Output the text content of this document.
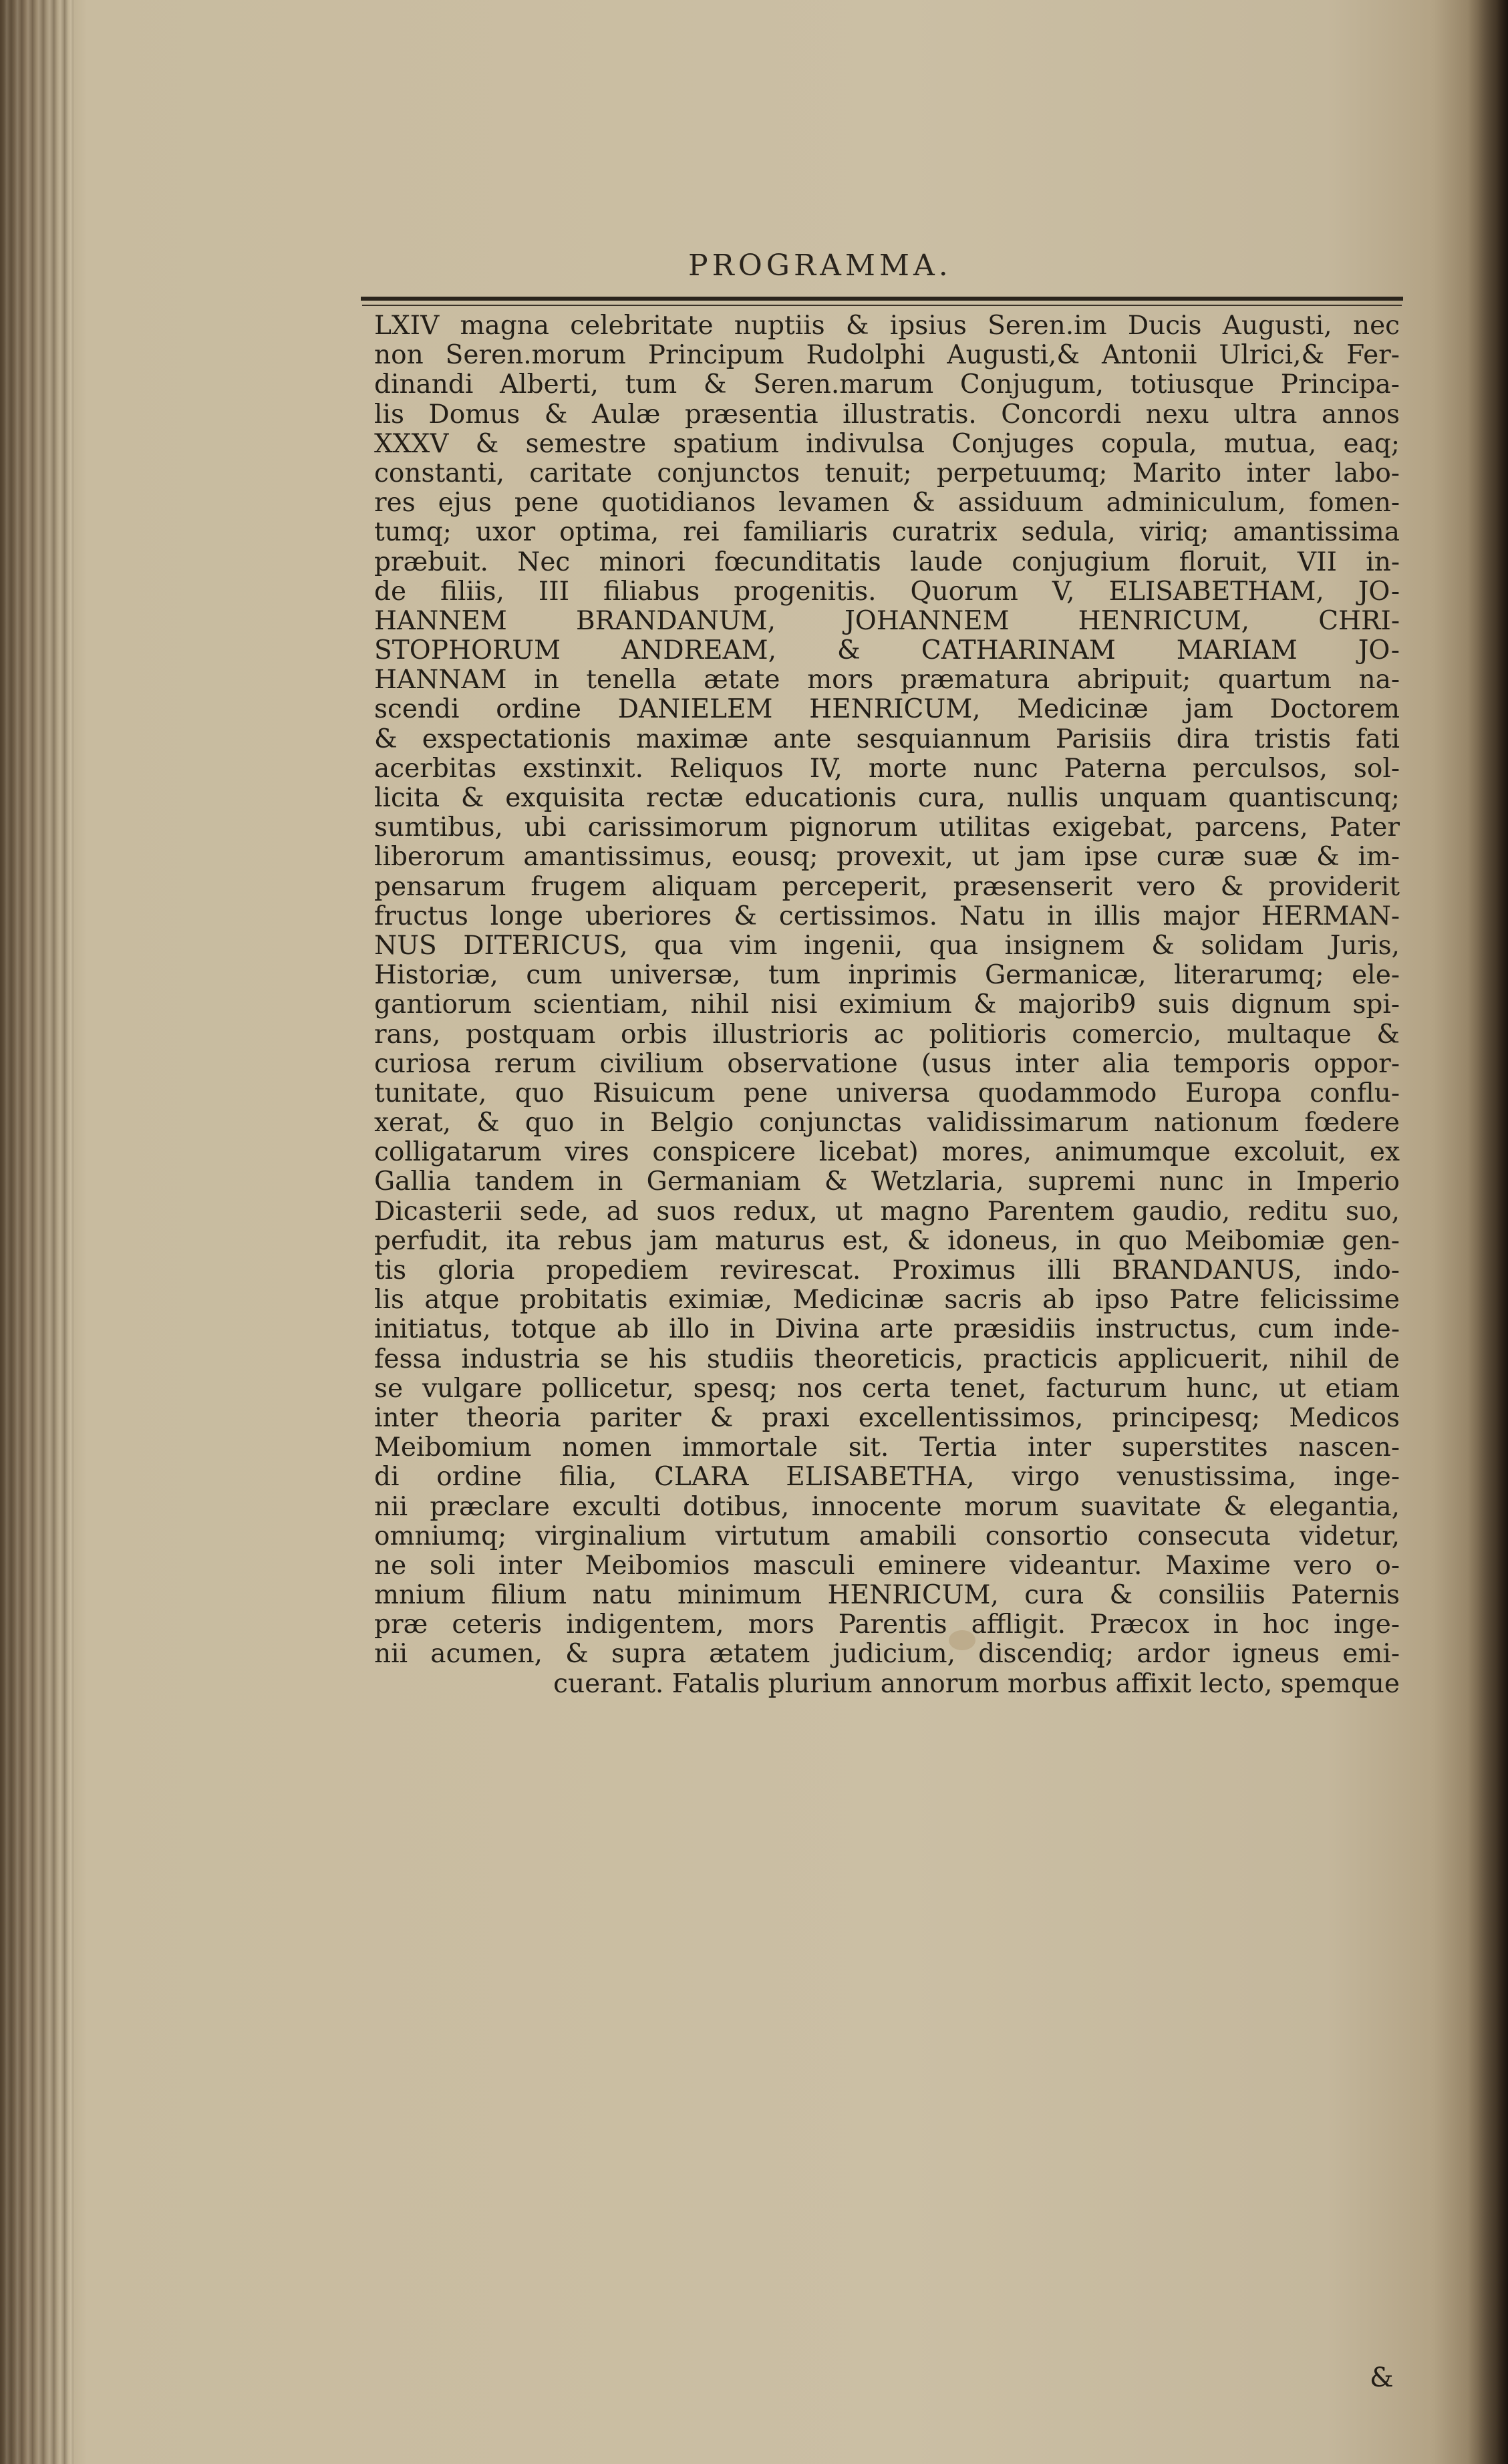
PROGRAMMA.
LXIV magna celebritate nuptiis & ipsius Seren.im Ducis Augusti, nec
non Seren.morum Principum Rudolphi Augusti,& Antonii Ulrici,& Fer-
dinandi Alberti, tum & Seren.marum Conjugum, totiusque Principa-
lis Domus & Aulæ præsentia illustratis. Concordi nexu ultra annos
XXXV & semestre spatium indivulsa Conjuges copula, mutua, eaq;
constanti, caritate conjunctos tenuit; perpetuumq; Marito inter labo-
res ejus pene quotidianos levamen & assiduum adminiculum, fomen-
tumq; uxor optima, rei familiaris curatrix sedula, viriq; amantissima
præbuit. Nec minori fœcunditatis laude conjugium floruit, VII in-
de filiis, III filiabus progenitis. Quorum V, ELISABETHAM, JO-
HANNEM BRANDANUM, JOHANNEM HENRICUM, CHRI-
STOPHORUM ANDREAM, & CATHARINAM MARIAM JO-
HANNAM in tenella ætate mors præmatura abripuit; quartum na-
scendi ordine DANIELEM HENRICUM, Medicinæ jam Doctorem
& exspectationis maximæ ante sesquiannum Parisiis dira tristis fati
acerbitas exstinxit. Reliquos IV, morte nunc Paterna perculsos, sol-
licita & exquisita rectæ educationis cura, nullis unquam quantiscunq;
sumtibus, ubi carissimorum pignorum utilitas exigebat, parcens, Pater
liberorum amantissimus, eousq; provexit, ut jam ipse curæ suæ & im-
pensarum frugem aliquam perceperit, præsenserit vero & providerit
fructus longe uberiores & certissimos. Natu in illis major HERMAN-
NUS DITERICUS, qua vim ingenii, qua insignem & solidam Juris,
Historiæ, cum universæ, tum inprimis Germanicæ, literarumq; ele-
gantiorum scientiam, nihil nisi eximium & majorib9 suis dignum spi-
rans, postquam orbis illustrioris ac politioris comercio, multaque &
curiosa rerum civilium observatione (usus inter alia temporis oppor-
tunitate, quo Risuicum pene universa quodammodo Europa conflu-
xerat, & quo in Belgio conjunctas validissimarum nationum fœdere
colligatarum vires conspicere licebat) mores, animumque excoluit, ex
Gallia tandem in Germaniam & Wetzlaria, supremi nunc in Imperio
Dicasterii sede, ad suos redux, ut magno Parentem gaudio, reditu suo,
perfudit, ita rebus jam maturus est, & idoneus, in quo Meibomiæ gen-
tis gloria propediem revirescat. Proximus illi BRANDANUS, indo-
lis atque probitatis eximiæ, Medicinæ sacris ab ipso Patre felicissime
initiatus, totque ab illo in Divina arte præsidiis instructus, cum inde-
fessa industria se his studiis theoreticis, practicis applicuerit, nihil de
se vulgare pollicetur, spesq; nos certa tenet, facturum hunc, ut etiam
inter theoria pariter & praxi excellentissimos, principesq; Medicos
Meibomium nomen immortale sit. Tertia inter superstites nascen-
di ordine filia, CLARA ELISABETHA, virgo venustissima, inge-
nii præclare exculti dotibus, innocente morum suavitate & elegantia,
omniumq; virginalium virtutum amabili consortio consecuta videtur,
ne soli inter Meibomios masculi eminere videantur. Maxime vero o-
mnium filium natu minimum HENRICUM, cura & consiliis Paternis
præ ceteris indigentem, mors Parentis affligit. Præcox in hoc inge-
nii acumen, & supra ætatem judicium, discendiq; ardor igneus emi-
cuerant. Fatalis plurium annorum morbus affixit lecto, spemque
&
